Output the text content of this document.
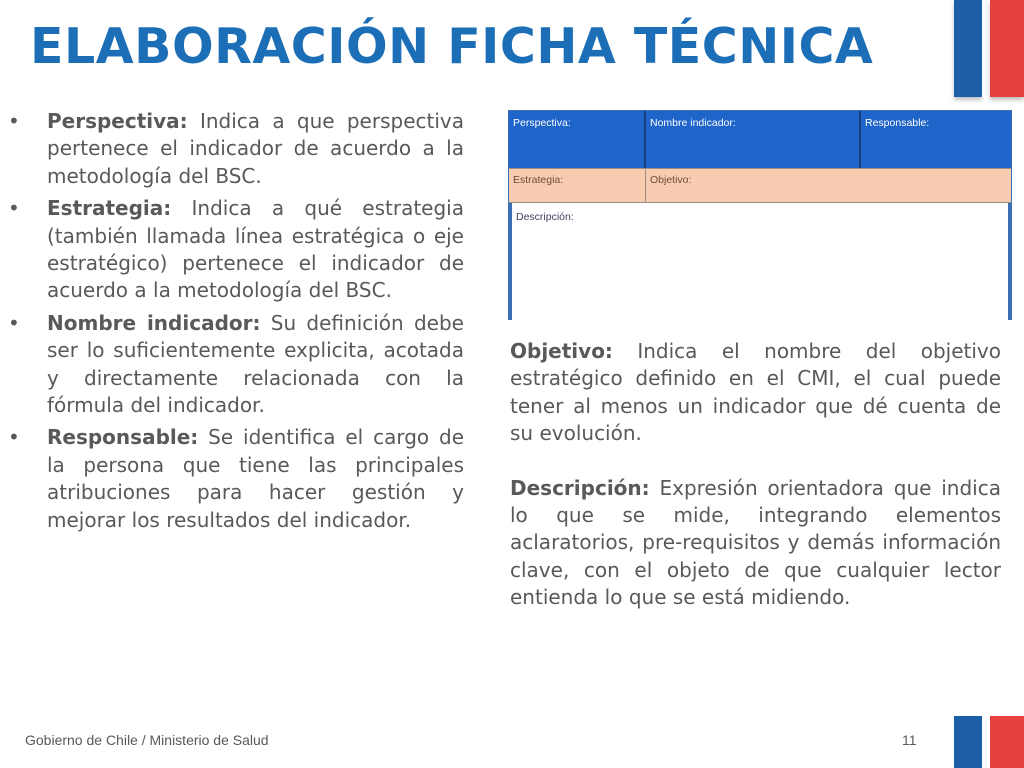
ELABORACIÓN FICHA TÉCNICA
•	Perspectiva: Indica a que perspectiva pertenece el indicador de acuerdo a la metodología del BSC.
•	Estrategia: Indica a qué estrategia (también llamada línea estratégica o eje estratégico) pertenece el indicador de acuerdo a la metodología del BSC.
•	Nombre indicador: Su definición debe ser lo suficientemente explicita, acotada y directamente relacionada con la fórmula del indicador.
•	Responsable: Se identifica el cargo de la persona que tiene las principales atribuciones para hacer gestión y mejorar los resultados del indicador.
Perspectiva:	Nombre indicador:	Responsable:
Estrategia:	Objetivo:
Descripción:

Objetivo: Indica el nombre del objetivo estratégico definido en el CMI, el cual puede tener al menos un indicador que dé cuenta de su evolución.

Descripción: Expresión orientadora que indica lo que se mide, integrando elementos aclaratorios, pre-requisitos y demás información clave, con el objeto de que cualquier lector entienda lo que se está midiendo.

Gobierno de Chile / Ministerio de Salud	11
